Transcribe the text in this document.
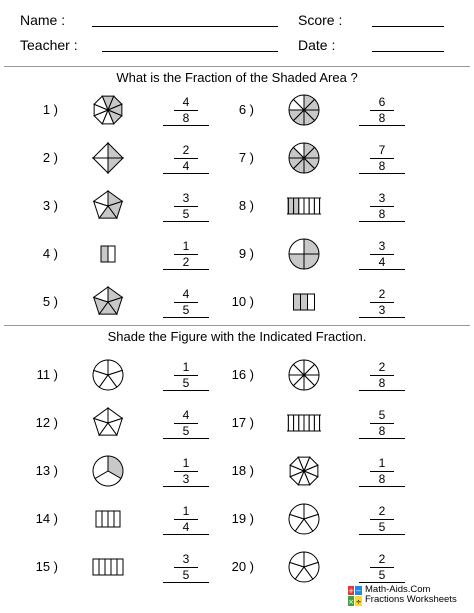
Name :	Score :
Teacher :	Date :
What is the Fraction of the Shaded Area ?
1 )	4
8
2 )	2
4
3 )	3
5
4 )	1
2
5 )	4
5
6 )	6
8
7 )	7
8
8 )	3
8
9 )	3
4
10 )	2
3
Shade the Figure with the Indicated Fraction.
11 )	1
5
12 )	4
5
13 )	1
3
14 )	1
4
15 )	3
5
16 )	2
8
17 )	5
8
18 )	1
8
19 )	2
5
20 )	2
5
+ −
× ÷
Math-Aids.Com
Fractions Worksheets
